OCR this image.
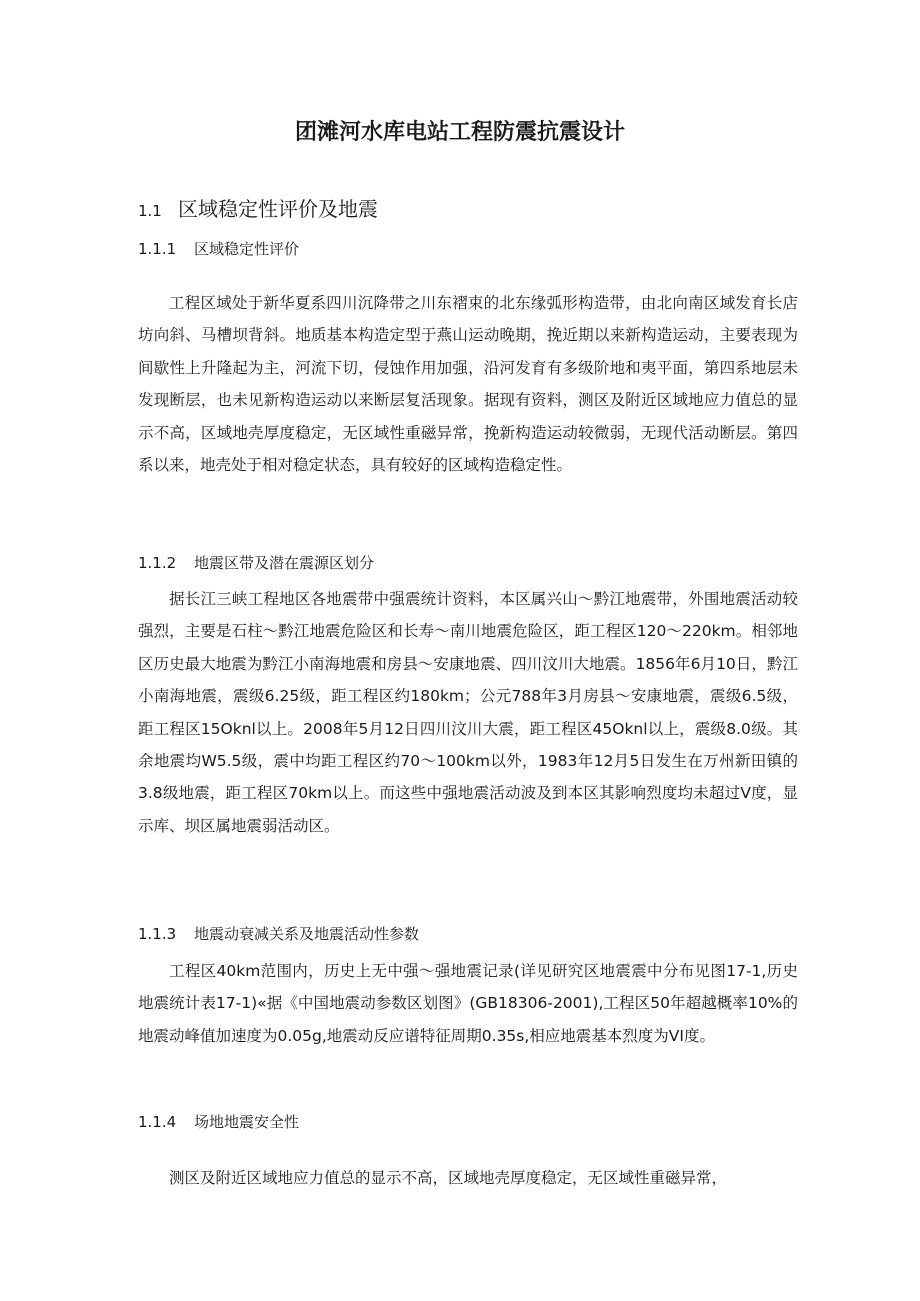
团滩河水库电站工程防震抗震设计
1.1 区域稳定性评价及地震
1.1.1 区域稳定性评价

工程区域处于新华夏系四川沉降带之川东褶束的北东缘弧形构造带，由北向南区域发育长店坊向斜、马槽坝背斜。地质基本构造定型于燕山运动晚期，挽近期以来新构造运动，主要表现为间歇性上升隆起为主，河流下切，侵蚀作用加强，沿河发育有多级阶地和夷平面，第四系地层未发现断层，也未见新构造运动以来断层复活现象。据现有资料，测区及附近区域地应力值总的显示不高，区域地壳厚度稳定，无区域性重磁异常，挽新构造运动较微弱，无现代活动断层。第四系以来，地壳处于相对稳定状态，具有较好的区域构造稳定性。

1.1.2 地震区带及潜在震源区划分

据长江三峡工程地区各地震带中强震统计资料，本区属兴山～黔江地震带，外围地震活动较强烈，主要是石柱～黔江地震危险区和长寿～南川地震危险区，距工程区120～220km。相邻地区历史最大地震为黔江小南海地震和房县～安康地震、四川汶川大地震。1856年6月10日，黔江小南海地震，震级6.25级，距工程区约180km；公元788年3月房县～安康地震，震级6.5级，距工程区15Oknl以上。2008年5月12日四川汶川大震，距工程区45Oknl以上，震级8.0级。其余地震均W5.5级，震中均距工程区约70～100km以外，1983年12月5日发生在万州新田镇的3.8级地震，距工程区70km以上。而这些中强地震活动波及到本区其影响烈度均未超过V度，显示库、坝区属地震弱活动区。

1.1.3 地震动衰减关系及地震活动性参数

工程区40km范围内，历史上无中强～强地震记录(详见研究区地震震中分布见图17-1,历史地震统计表17-1)«据《中国地震动参数区划图》(GB18306-2001),工程区50年超越概率10%的地震动峰值加速度为0.05g,地震动反应谱特征周期0.35s,相应地震基本烈度为VI度。

1.1.4 场地地震安全性

测区及附近区域地应力值总的显示不高，区域地壳厚度稳定，无区域性重磁异常，
